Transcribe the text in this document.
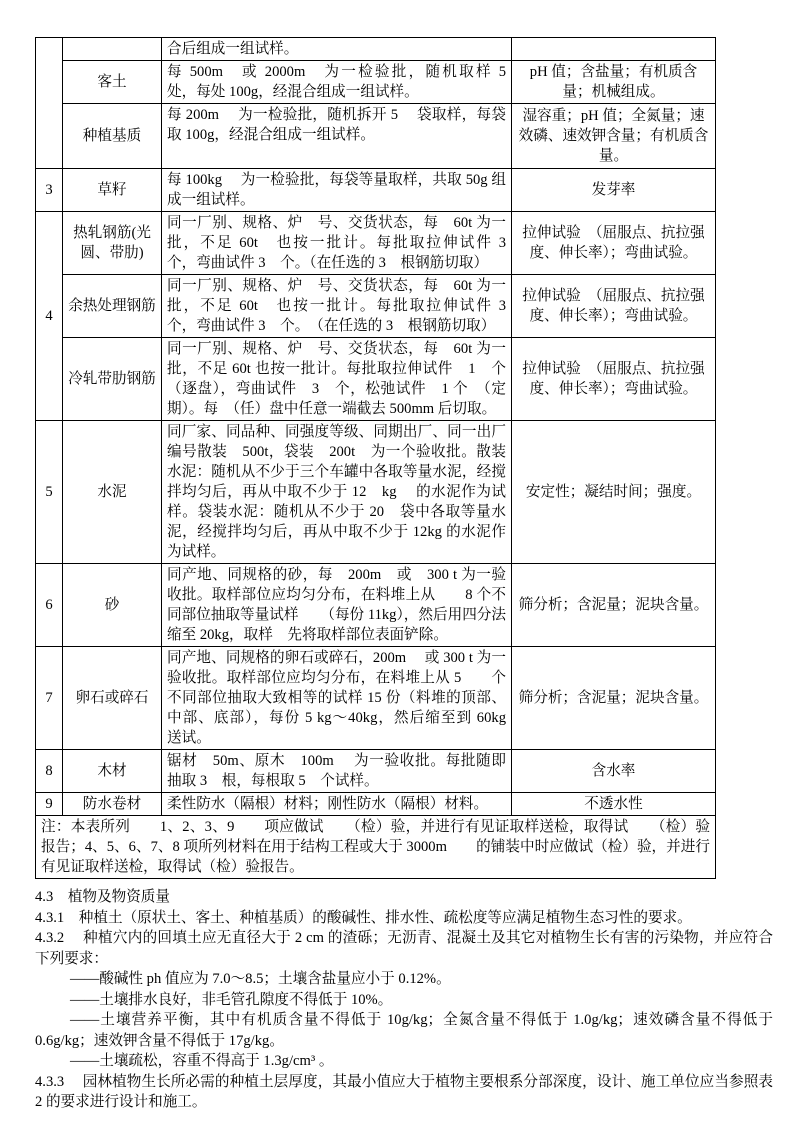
		合后组成一组试样。	
	客土	每 500m　或 2000m　为一检验批，随机取样 5　处，每处 100g，经混合组成一组试样。	pH 值；含盐量；有机质含量；机械组成。
	种植基质	每 200m　 为一检验批，随机拆开 5　 袋取样，每袋取 100g，经混合组成一组试样。	湿容重；pH 值；全氮量；速效磷、速效钾含量；有机质含量。
3	草籽	每 100kg　 为一检验批，每袋等量取样，共取 50g 组成一组试样。	发芽率
4	热轧钢筋(光圆、带肋)	同一厂别、规格、炉　号、交货状态，每　60t 为一批，不足 60t　也按一批计。每批取拉伸试件 3　个，弯曲试件 3　个。（在任选的 3　根钢筋切取）	拉伸试验　（屈服点、抗拉强度、伸长率）；弯曲试验。
	余热处理钢筋	同一厂别、规格、炉　号、交货状态，每　60t 为一批，不足 60t　也按一批计。每批取拉伸试件 3　 个，弯曲试件 3　个。　（在任选的 3　根钢筋切取）	拉伸试验　（屈服点、抗拉强度、伸长率）；弯曲试验。
	冷轧带肋钢筋	同一厂别、规格、炉　号、交货状态，每　60t 为一批，不足 60t 也按一批计。每批取拉伸试件　1　个　（逐盘），弯曲试件　3　个，松弛试件　1 个　（定期）。每　（任）盘中任意一端截去 500mm 后切取。	拉伸试验　（屈服点、抗拉强度、伸长率）；弯曲试验。
5	水泥	同厂家、同品种、同强度等级、同期出厂、同一出厂编号散装　500t，袋装　200t　为一个验收批。散装水泥：随机从不少于三个车罐中各取等量水泥，经搅拌均匀后，再从中取不少于 12　kg　 的水泥作为试样。袋装水泥：随机从不少于 20　袋中各取等量水泥，经搅拌均匀后，再从中取不少于 12kg 的水泥作为试样。	安定性；凝结时间；强度。
6	砂	同产地、同规格的砂，每　200m　或　300 t 为一验收批。取样部位应均匀分布，在料堆上从　　8 个不同部位抽取等量试样　　（每份 11kg），然后用四分法缩至 20kg，取样　先将取样部位表面铲除。	筛分析；含泥量；泥块含量。
7	卵石或碎石	同产地、同规格的卵石或碎石，200m　 或 300 t 为一验收批。取样部位应均匀分布，在料堆上从 5　　个不同部位抽取大致相等的试样 15 份（料堆的顶部、中部、底部），每份 5 kg～40kg，然后缩至到 60kg　送试。	筛分析；含泥量；泥块含量。
8	木材	锯材　50m、原木　100m　 为一验收批。每批随即抽取 3　根，每根取 5　个试样。	含水率
9	防水卷材	柔性防水（隔根）材料；刚性防水（隔根）材料。	不透水性
注：本表所列　　1、2、3、9　　项应做试　　（检）验，并进行有见证取样送检，取得试　　（检）验报告；4、5、6、7、8 项所列材料在用于结构工程或大于 3000m　　的铺装中时应做试（检）验，并进行有见证取样送检，取得试（检）验报告。			

4.3　植物及物资质量

4.3.1　种植土（原状土、客土、种植基质）的酸碱性、排水性、疏松度等应满足植物生态习性的要求。

4.3.2　 种植穴内的回填土应无直径大于 2 cm 的渣砾；无沥青、混凝土及其它对植物生长有害的污染物，并应符合下列要求：

——酸碱性 ph 值应为 7.0～8.5；土壤含盐量应小于 0.12%。

——土壤排水良好，非毛管孔隙度不得低于 10%。

——土壤营养平衡，其中有机质含量不得低于 10g/kg；全氮含量不得低于 1.0g/kg；速效磷含量不得低于 0.6g/kg；速效钾含量不得低于 17g/kg。

——土壤疏松，容重不得高于 1.3g/cm³ 。

4.3.3　 园林植物生长所必需的种植土层厚度，其最小值应大于植物主要根系分部深度，设计、施工单位应当参照表 2 的要求进行设计和施工。
